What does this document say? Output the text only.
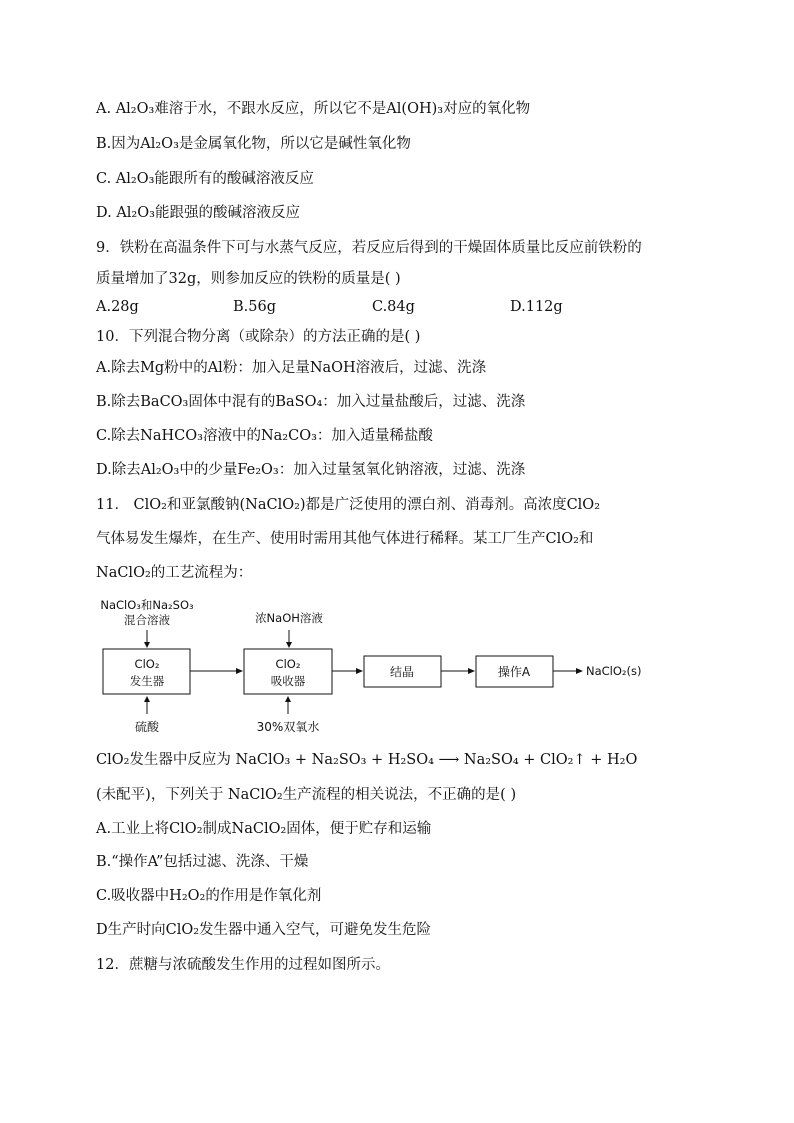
A. Al₂O₃难溶于水，不跟水反应，所以它不是Al(OH)₃对应的氧化物
B.因为Al₂O₃是金属氧化物，所以它是碱性氧化物
C. Al₂O₃能跟所有的酸碱溶液反应
D. Al₂O₃能跟强的酸碱溶液反应
9．铁粉在高温条件下可与水蒸气反应，若反应后得到的干燥固体质量比反应前铁粉的
质量增加了32g，则参加反应的铁粉的质量是( )
A.28g	B.56g	C.84g	D.112g
10．下列混合物分离（或除杂）的方法正确的是( )
A.除去Mg粉中的Al粉：加入足量NaOH溶液后，过滤、洗涤
B.除去BaCO₃固体中混有的BaSO₄：加入过量盐酸后，过滤、洗涤
C.除去NaHCO₃溶液中的Na₂CO₃：加入适量稀盐酸
D.除去Al₂O₃中的少量Fe₂O₃：加入过量氢氧化钠溶液，过滤、洗涤
11． ClO₂和亚氯酸钠(NaClO₂)都是广泛使用的漂白剂、消毒剂。高浓度ClO₂
气体易发生爆炸，在生产、使用时需用其他气体进行稀释。某工厂生产ClO₂和
NaClO₂的工艺流程为：
NaClO₃和Na₂SO₃
混合溶液	浓NaOH溶液
ClO₂
发生器
ClO₂
吸收器
结晶	操作A	NaClO₂(s)
硫酸	30%双氧水
ClO₂发生器中反应为 NaClO₃ + Na₂SO₃ + H₂SO₄ ⟶ Na₂SO₄ + ClO₂↑ + H₂O
(未配平)，下列关于 NaClO₂生产流程的相关说法，不正确的是( )
A.工业上将ClO₂制成NaClO₂固体，便于贮存和运输
B.“操作A”包括过滤、洗涤、干燥
C.吸收器中H₂O₂的作用是作氧化剂
D生产时向ClO₂发生器中通入空气，可避免发生危险
12．蔗糖与浓硫酸发生作用的过程如图所示。
